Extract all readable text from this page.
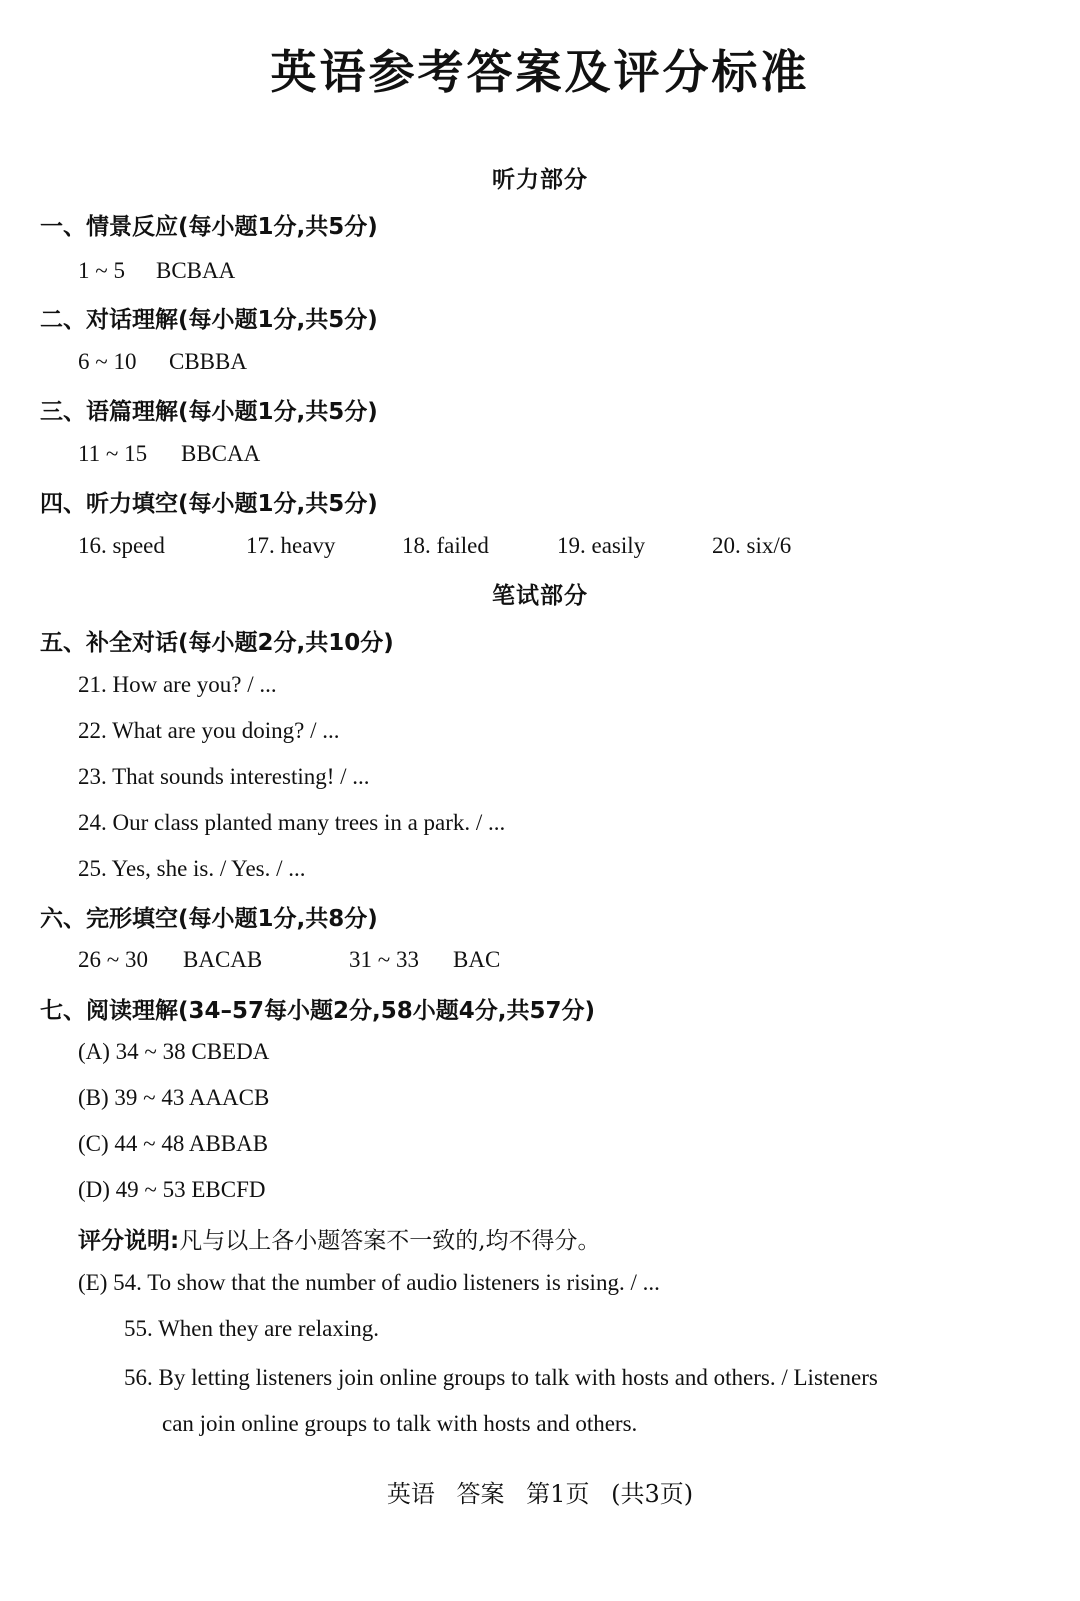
英语参考答案及评分标准
听力部分
一、情景反应(每小题1分,共5分)
1 ~ 5 BCBAA
二、对话理解(每小题1分,共5分)
6 ~ 10 CBBBA
三、语篇理解(每小题1分,共5分)
11 ~ 15 BBCAA
四、听力填空(每小题1分,共5分)
16. speed	17. heavy	18. failed	19. easily	20. six/6
笔试部分
五、补全对话(每小题2分,共10分)
21. How are you? / ...
22. What are you doing? / ...
23. That sounds interesting! / ...
24. Our class planted many trees in a park. / ...
25. Yes, she is. / Yes. / ...
六、完形填空(每小题1分,共8分)
26 ~ 30 BACAB	31 ~ 33 BAC
七、阅读理解(34–57每小题2分,58小题4分,共57分)
(A) 34 ~ 38 CBEDA
(B) 39 ~ 43 AAACB
(C) 44 ~ 48 ABBAB
(D) 49 ~ 53 EBCFD
评分说明:凡与以上各小题答案不一致的,均不得分。
(E) 54. To show that the number of audio listeners is rising. / ...
55. When they are relaxing.
56. By letting listeners join online groups to talk with hosts and others. / Listeners
can join online groups to talk with hosts and others.
英语 答案 第1页 (共3页)
